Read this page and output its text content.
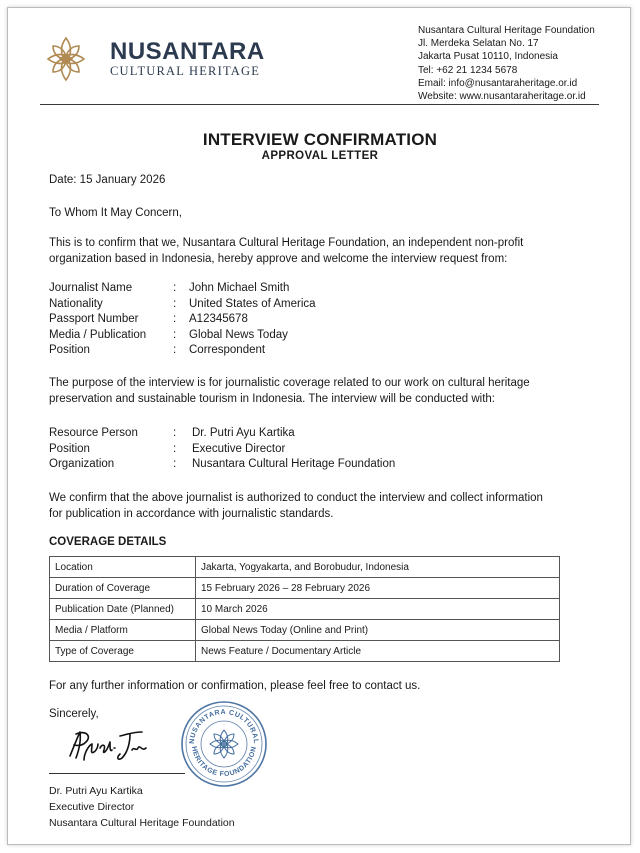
NUSANTARA
CULTURAL HERITAGE
Nusantara Cultural Heritage Foundation
Jl. Merdeka Selatan No. 17
Jakarta Pusat 10110, Indonesia
Tel: +62 21 1234 5678
Email: info@nusantaraheritage.or.id
Website: www.nusantaraheritage.or.id
INTERVIEW CONFIRMATION
APPROVAL LETTER
Date: 15 January 2026
To Whom It May Concern,
This is to confirm that we, Nusantara Cultural Heritage Foundation, an independent non-profit
organization based in Indonesia, hereby approve and welcome the interview request from:
Journalist Name	: John Michael Smith
Nationality	: United States of America
Passport Number	: A12345678
Media / Publication : Global News Today
Position	: Correspondent
The purpose of the interview is for journalistic coverage related to our work on cultural heritage
preservation and sustainable tourism in Indonesia. The interview will be conducted with:
Resource Person	: Dr. Putri Ayu Kartika
Position	: Executive Director
Organization	: Nusantara Cultural Heritage Foundation
We confirm that the above journalist is authorized to conduct the interview and collect information
for publication in accordance with journalistic standards.
COVERAGE DETAILS
Location	Jakarta, Yogyakarta, and Borobudur, Indonesia
Duration of Coverage	15 February 2026 – 28 February 2026
Publication Date (Planned)	10 March 2026
Media / Platform	Global News Today (Online and Print)
Type of Coverage	News Feature / Documentary Article
For any further information or confirmation, please feel free to contact us.
Sincerely,
Dr. Putri Ayu Kartika
Executive Director
Nusantara Cultural Heritage Foundation
NUSANTARA CULTURAL
HERITAGE FOUNDATION
